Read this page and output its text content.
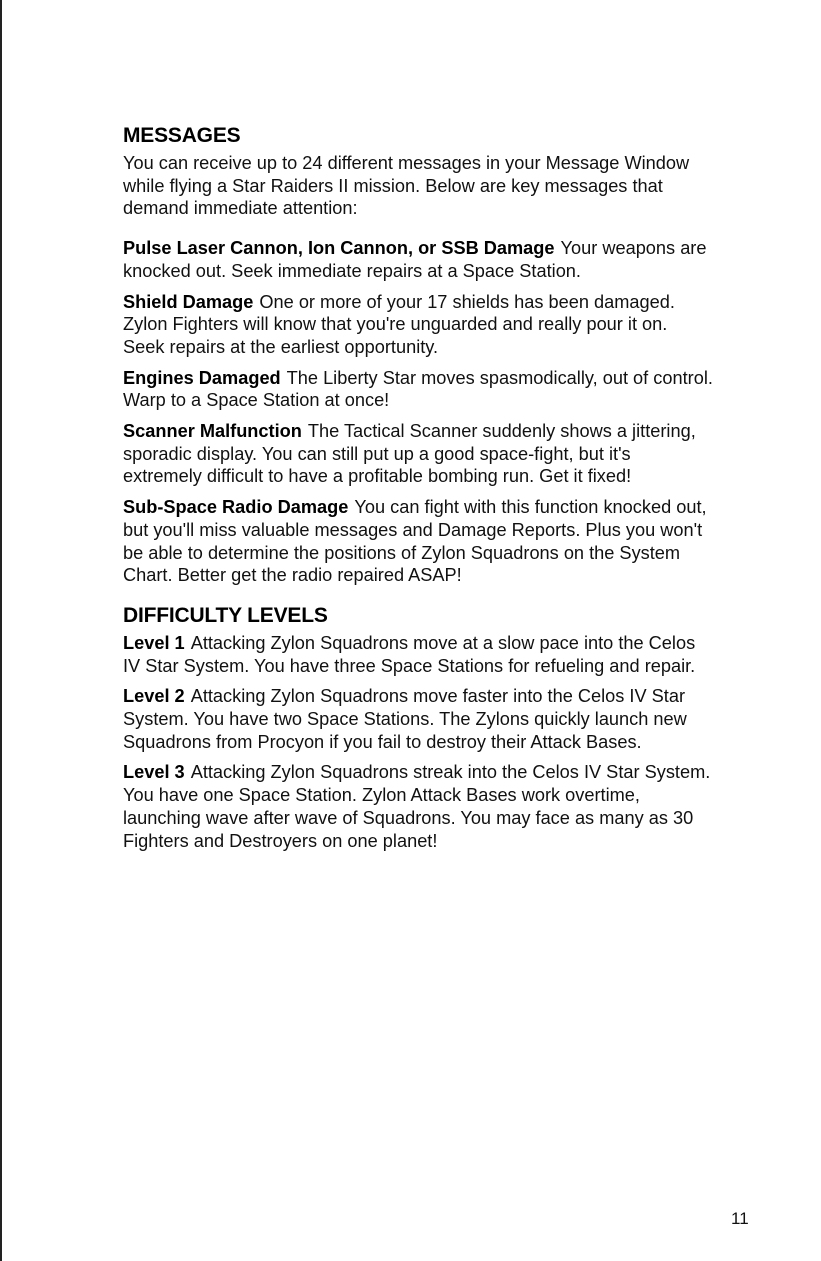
MESSAGES

You can receive up to 24 different messages in your Message Window while flying a Star Raiders II mission. Below are key messages that demand immediate attention:

Pulse Laser Cannon, Ion Cannon, or SSB Damage Your weapons are knocked out. Seek immediate repairs at a Space Station.

Shield Damage One or more of your 17 shields has been damaged. Zylon Fighters will know that you're unguarded and really pour it on. Seek repairs at the earliest opportunity.

Engines Damaged The Liberty Star moves spasmodically, out of control. Warp to a Space Station at once!

Scanner Malfunction The Tactical Scanner suddenly shows a jittering, sporadic display. You can still put up a good space-fight, but it's extremely difficult to have a profitable bombing run. Get it fixed!

Sub-Space Radio Damage You can fight with this function knocked out, but you'll miss valuable messages and Damage Reports. Plus you won't be able to determine the positions of Zylon Squadrons on the System Chart. Better get the radio repaired ASAP!

DIFFICULTY LEVELS

Level 1 Attacking Zylon Squadrons move at a slow pace into the Celos IV Star System. You have three Space Stations for refueling and repair.

Level 2 Attacking Zylon Squadrons move faster into the Celos IV Star System. You have two Space Stations. The Zylons quickly launch new Squadrons from Procyon if you fail to destroy their Attack Bases.

Level 3 Attacking Zylon Squadrons streak into the Celos IV Star System. You have one Space Station. Zylon Attack Bases work overtime, launching wave after wave of Squadrons. You may face as many as 30 Fighters and Destroyers on one planet!

11
